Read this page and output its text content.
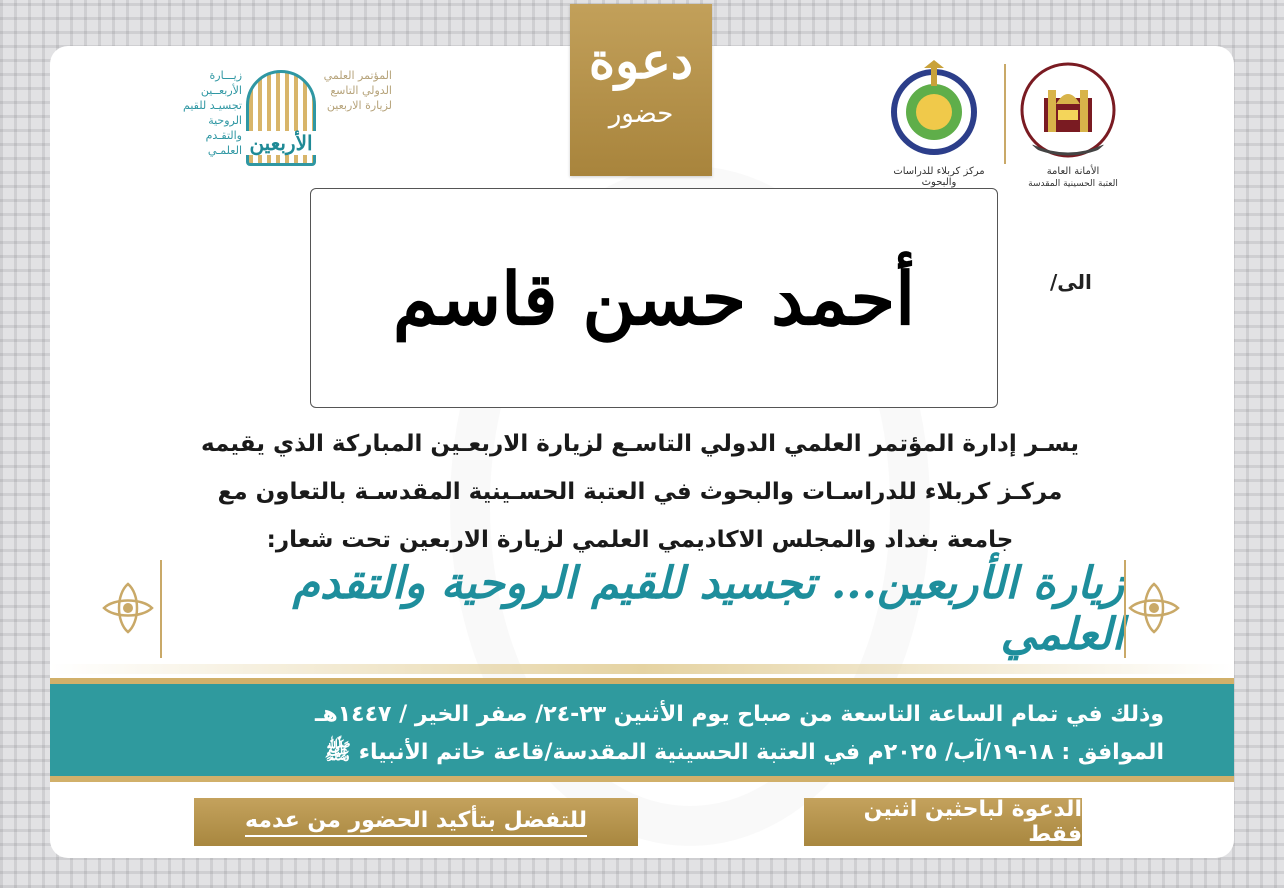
دعوة
حضور
الأمانة العامة
العتبة الحسينية المقدسة
مركز كربلاء للدراسات والبحوث
زيـــارة الأربعــين تجسيـد للقيم الروحية والتقـدم العلمـي الأربعين
المؤتمر العلمي الدولي التاسع لزيارة الاربعين
الى/
أحمد حسن قاسم
يسـر إدارة المؤتمر العلمي الدولي التاسـع لزيارة الاربعـين المباركة الذي يقيمه
مركـز كربلاء للدراسـات والبحوث في العتبة الحسـينية المقدسـة بالتعاون مع
جامعة بغداد والمجلس الاكاديمي العلمي لزيارة الاربعين تحت شعار:
زيارة الأربعين... تجسيد للقيم الروحية والتقدم العلمي
وذلك في تمام الساعة التاسعة من صباح يوم الأثنين ٢٣-٢٤/ صفر الخير / ١٤٤٧هـ
الموافق : ١٨-١٩/آب/ ٢٠٢٥م في العتبة الحسينية المقدسة/قاعة خاتم الأنبياء ﷺ
للتفضل بتأكيد الحضور من عدمه	الدعوة لباحثين اثنين فقط
